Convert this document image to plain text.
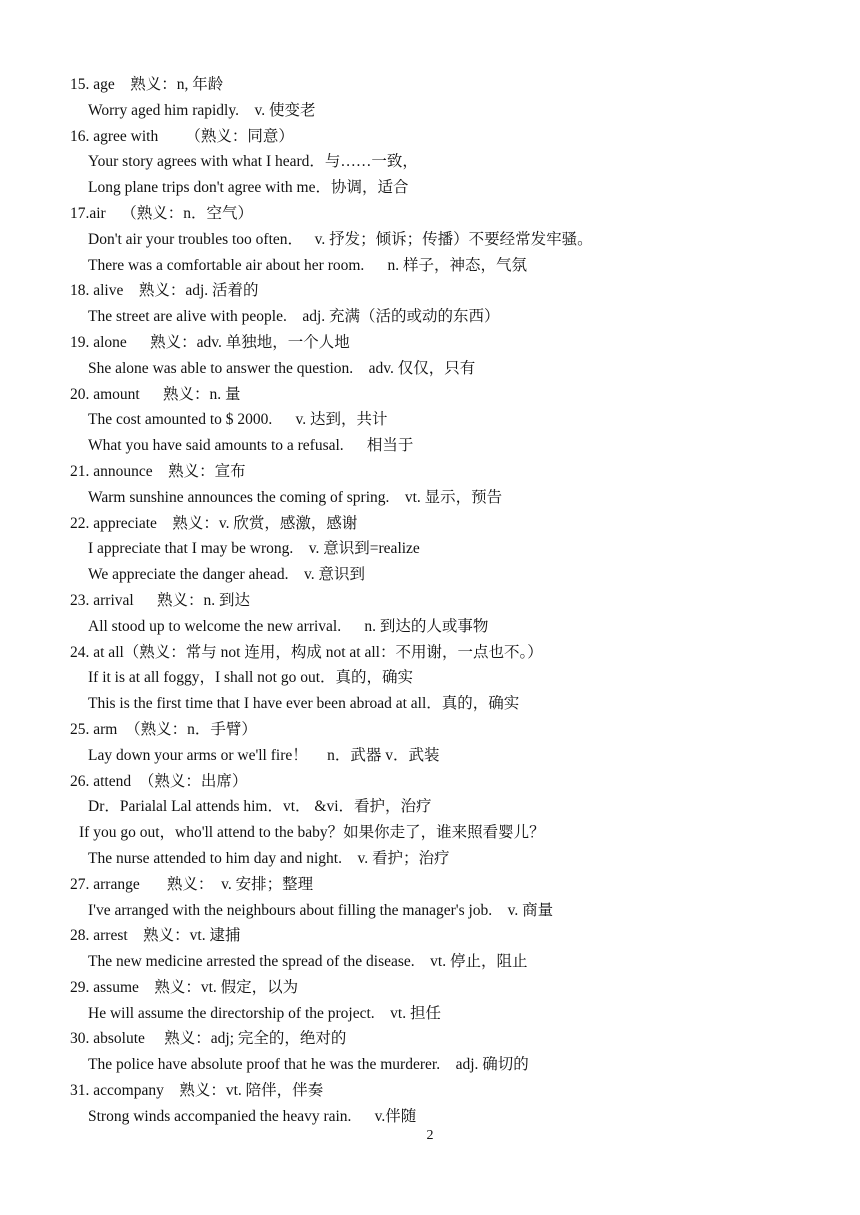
15. age    熟义：n, 年龄
Worry aged him rapidly.    v. 使变老
16. agree with       （熟义：同意）
Your story agrees with what I heard．与……一致，
Long plane trips don't agree with me．协调，适合
17.air    （熟义：n．空气）
Don't air your troubles too often．   v. 抒发；倾诉；传播）不要经常发牢骚。
There was a comfortable air about her room.      n. 样子，神态，气氛
18. alive    熟义：adj. 活着的
The street are alive with people.    adj. 充满（活的或动的东西）
19. alone      熟义：adv. 单独地，一个人地
She alone was able to answer the question.    adv. 仅仅，只有
20. amount      熟义：n. 量
The cost amounted to $ 2000.      v. 达到，共计
What you have said amounts to a refusal.      相当于
21. announce    熟义：宣布
Warm sunshine announces the coming of spring.    vt. 显示，预告
22. appreciate    熟义：v. 欣赏，感激，感谢
I appreciate that I may be wrong.    v. 意识到=realize
We appreciate the danger ahead.    v. 意识到
23. arrival      熟义：n. 到达
All stood up to welcome the new arrival.      n. 到达的人或事物
24. at all（熟义：常与 not 连用，构成 not at all：不用谢，一点也不。）
If it is at all foggy，I shall not go out．真的，确实
This is the first time that I have ever been abroad at all．真的，确实
25. arm  （熟义：n．手臂）
Lay down your arms or we'll fire！     n．武器 v．武装
26. attend  （熟义：出席）
Dr．Parialal Lal attends him．vt． &vi．看护，治疗
If you go out，who'll attend to the baby？如果你走了，谁来照看婴儿？
The nurse attended to him day and night.    v. 看护；治疗
27. arrange       熟义：  v. 安排；整理
I've arranged with the neighbours about filling the manager's job.    v. 商量
28. arrest    熟义：vt. 逮捕
The new medicine arrested the spread of the disease.    vt. 停止，阻止
29. assume    熟义：vt. 假定，以为
He will assume the directorship of the project.    vt. 担任
30. absolute     熟义：adj; 完全的，绝对的
The police have absolute proof that he was the murderer.    adj. 确切的
31. accompany    熟义：vt. 陪伴，伴奏
Strong winds accompanied the heavy rain.      v.伴随
2
